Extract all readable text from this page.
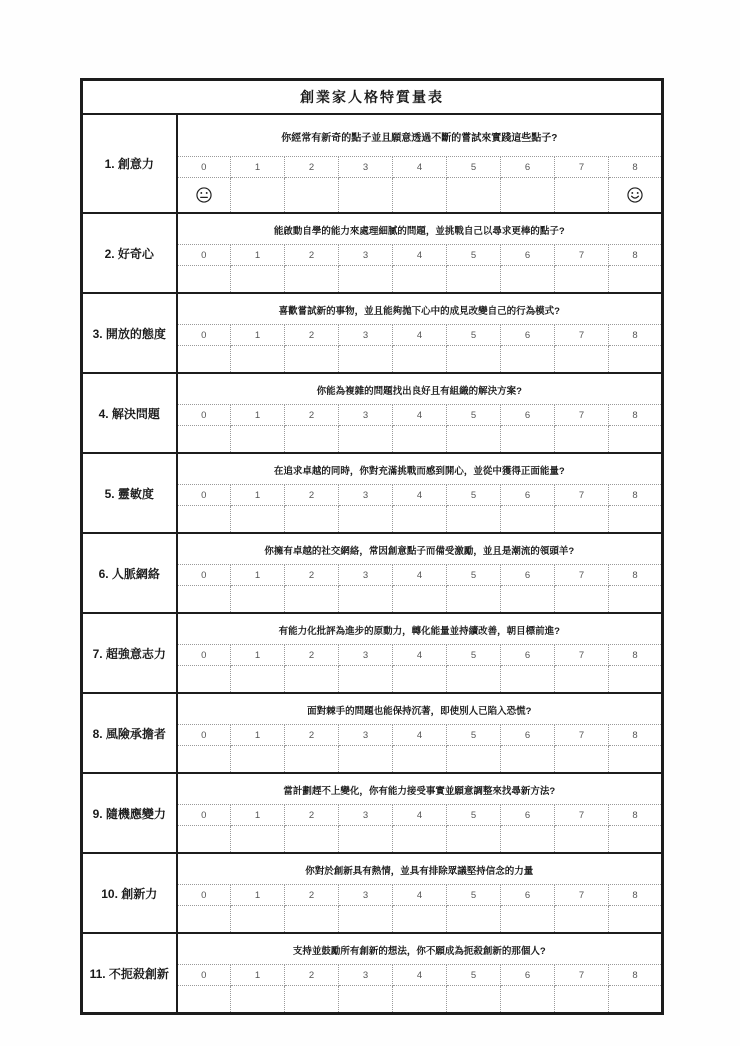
創業家人格特質量表									
1. 創意力	你經常有新奇的點子並且願意透過不斷的嘗試來實踐這些點子?								
	0	1	2	3	4	5	6	7	8

2. 好奇心	能啟動自學的能力來處理細膩的問題，並挑戰自己以尋求更棒的點子?								
	0	1	2	3	4	5	6	7	8

3. 開放的態度	喜歡嘗試新的事物，並且能夠拋下心中的成見改變自己的行為模式?								
	0	1	2	3	4	5	6	7	8

4. 解決問題	你能為複雜的問題找出良好且有組織的解決方案?								
	0	1	2	3	4	5	6	7	8

5. 靈敏度	在追求卓越的同時，你對充滿挑戰而感到開心，並從中獲得正面能量?								
	0	1	2	3	4	5	6	7	8

6. 人脈網絡	你擁有卓越的社交網絡，常因創意點子而備受激勵，並且是潮流的領頭羊?								
	0	1	2	3	4	5	6	7	8

7. 超強意志力	有能力化批評為進步的原動力，轉化能量並持續改善，朝目標前進?								
	0	1	2	3	4	5	6	7	8

8. 風險承擔者	面對棘手的問題也能保持沉著，即使別人已陷入恐慌?								
	0	1	2	3	4	5	6	7	8

9. 隨機應變力	當計劃趕不上變化，你有能力接受事實並願意調整來找尋新方法?								
	0	1	2	3	4	5	6	7	8

10. 創新力	你對於創新具有熱情，並具有排除眾議堅持信念的力量								
	0	1	2	3	4	5	6	7	8

11. 不扼殺創新	支持並鼓勵所有創新的想法，你不願成為扼殺創新的那個人?								
	0	1	2	3	4	5	6	7	8
